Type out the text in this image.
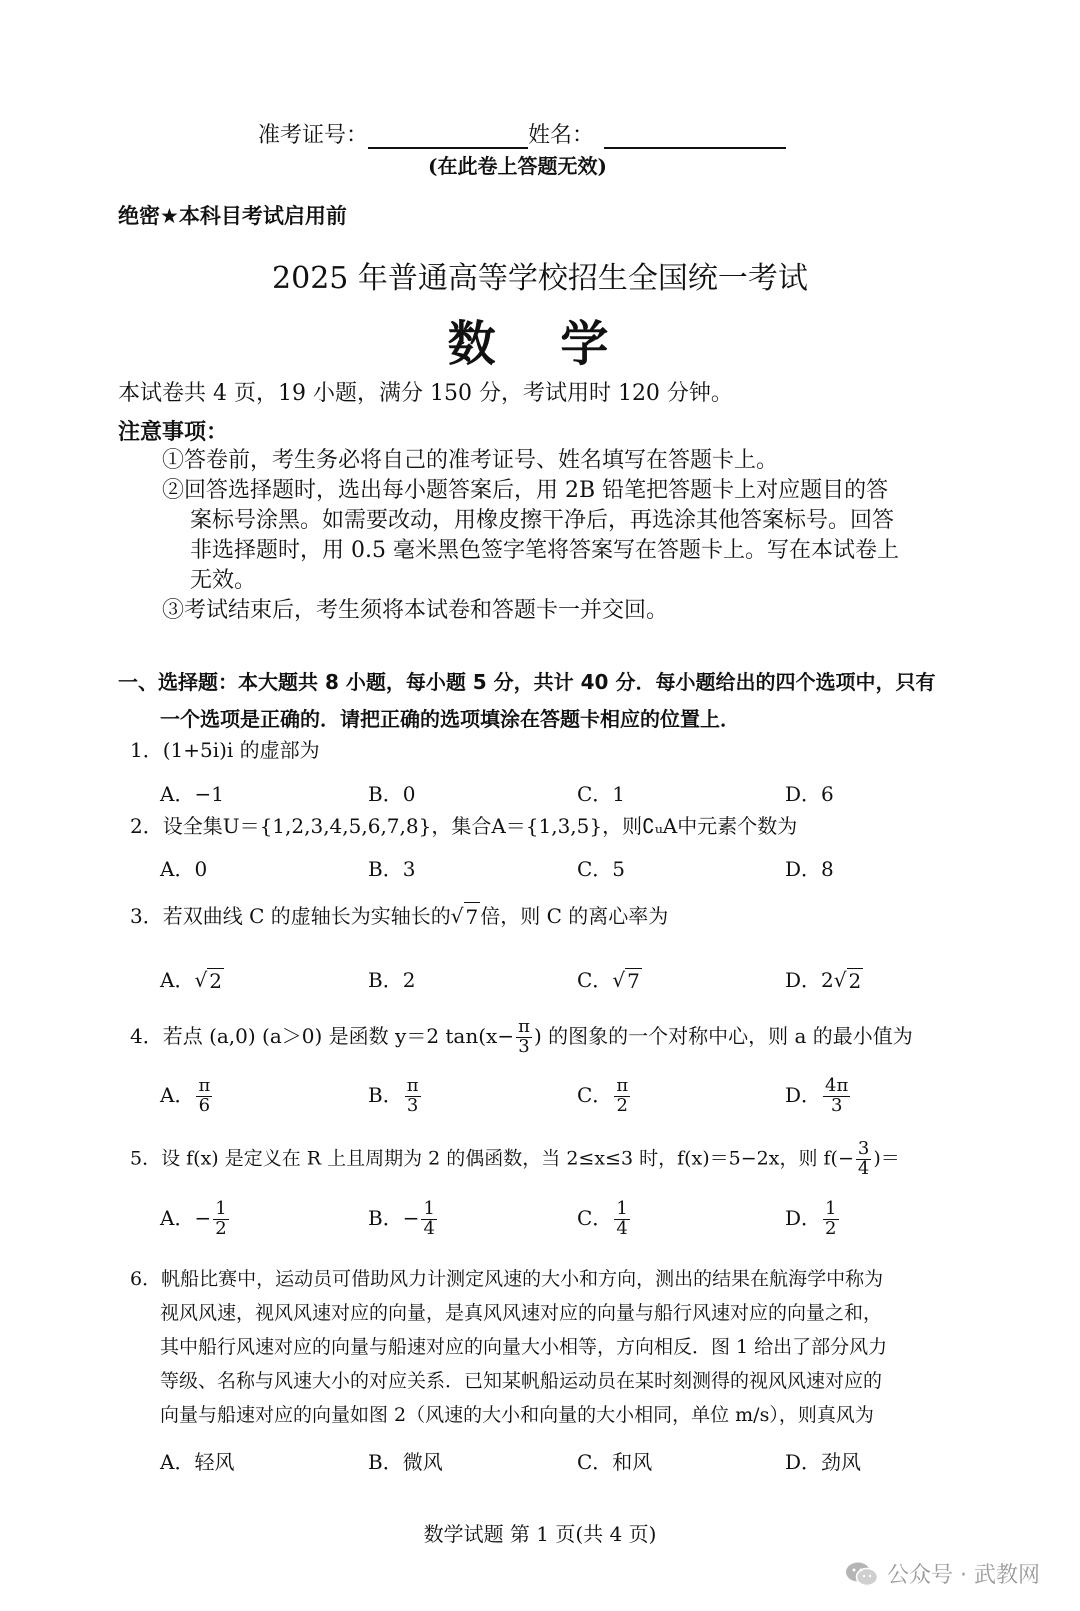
准考证号：	姓名：
(在此卷上答题无效)
绝密★本科目考试启用前
2025 年普通高等学校招生全国统一考试
数 学
本试卷共 4 页，19 小题，满分 150 分，考试用时 120 分钟。
注意事项：
①答卷前，考生务必将自己的准考证号、姓名填写在答题卡上。
②回答选择题时，选出每小题答案后，用 2B 铅笔把答题卡上对应题目的答
案标号涂黑。如需要改动，用橡皮擦干净后，再选涂其他答案标号。回答
非选择题时，用 0.5 毫米黑色签字笔将答案写在答题卡上。写在本试卷上
无效。
③考试结束后，考生须将本试卷和答题卡一并交回。
一、选择题：本大题共 8 小题，每小题 5 分，共计 40 分．每小题给出的四个选项中，只有
一个选项是正确的．请把正确的选项填涂在答题卡相应的位置上．
1．(1+5i)i 的虚部为
A．−1	B．0	C．1	D．6
2．设全集U＝{1,2,3,4,5,6,7,8}，集合A＝{1,3,5}，则∁ᵤA中元素个数为
A．0	B．3	C．5	D．8
3．若双曲线 C 的虚轴长为实轴长的 √ 7 倍，则 C 的离心率为
A． √ 2	B．2	C． √ 7	D．2 √ 2
4．若点 (a,0) (a＞0) 是函数 y＝2 $\tan(x- \frac{\pi}{3}$ ) 的图象的一个对称中心，则 a 的最小值为
A． $\frac{\pi}{6}$	B． $\frac{\pi}{3}$	C． $\frac{\pi}{2}$	D． $\frac{4\pi}{3}$
5．设 f(x) 是定义在 R 上且周期为 2 的偶函数，当 2≤x≤3 时，f(x)＝5−2x，则 $f(- \frac{3}{4}$ )＝
A．− $\frac{1}{2}$	B．− $\frac{1}{4}$	C． $\frac{1}{4}$	D． $\frac{1}{2}$
6．帆船比赛中，运动员可借助风力计测定风速的大小和方向，测出的结果在航海学中称为
视风风速，视风风速对应的向量，是真风风速对应的向量与船行风速对应的向量之和，
其中船行风速对应的向量与船速对应的向量大小相等，方向相反．图 1 给出了部分风力
等级、名称与风速大小的对应关系．已知某帆船运动员在某时刻测得的视风风速对应的
向量与船速对应的向量如图 2（风速的大小和向量的大小相同，单位 m/s），则真风为
A．轻风	B．微风	C．和风	D．劲风
数学试题 第 1 页(共 4 页)
公众号 · 武教网
